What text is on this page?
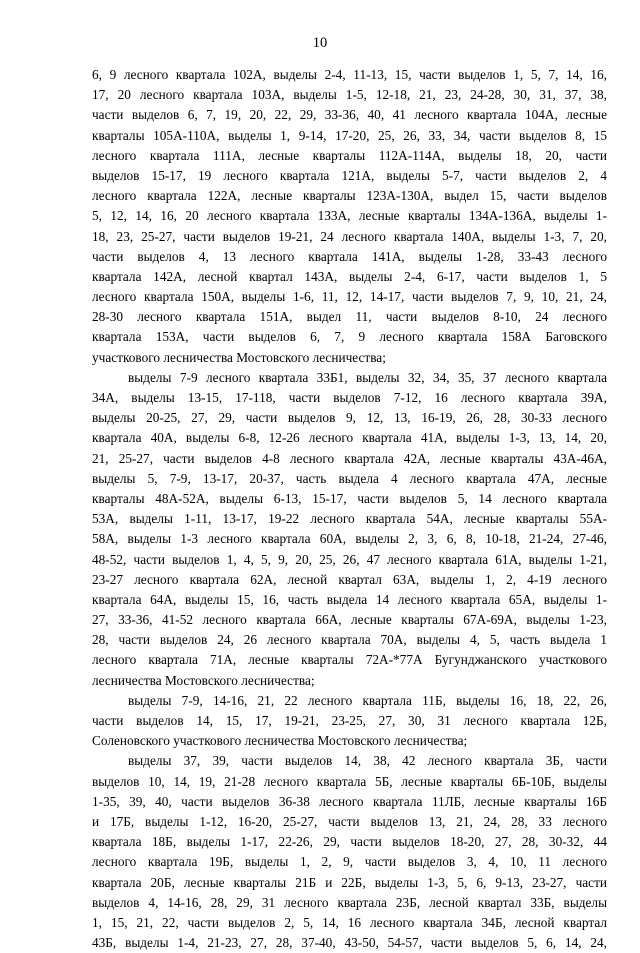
10
6, 9 лесного квартала 102А, выделы 2-4, 11-13, 15, части выделов 1, 5, 7, 14, 16,
17, 20 лесного квартала 103А, выделы 1-5, 12-18, 21, 23, 24-28, 30, 31, 37, 38,
части выделов 6, 7, 19, 20, 22, 29, 33-36, 40, 41 лесного квартала 104А, лесные
кварталы 105А-110А, выделы 1, 9-14, 17-20, 25, 26, 33, 34, части выделов 8, 15
лесного квартала 111А, лесные кварталы 112А-114А, выделы 18, 20, части
выделов 15-17, 19 лесного квартала 121А, выделы 5-7, части выделов 2, 4
лесного квартала 122А, лесные кварталы 123А-130А, выдел 15, части выделов
5, 12, 14, 16, 20 лесного квартала 133А, лесные кварталы 134А-136А, выделы 1-
18, 23, 25-27, части выделов 19-21, 24 лесного квартала 140А, выделы 1-3, 7, 20,
части выделов 4, 13 лесного квартала 141А, выделы 1-28, 33-43 лесного
квартала 142А, лесной квартал 143А, выделы 2-4, 6-17, части выделов 1, 5
лесного квартала 150А, выделы 1-6, 11, 12, 14-17, части выделов 7, 9, 10, 21, 24,
28-30 лесного квартала 151А, выдел 11, части выделов 8-10, 24 лесного
квартала 153А, части выделов 6, 7, 9 лесного квартала 158А Баговского
участкового лесничества Мостовского лесничества;
выделы 7-9 лесного квартала 33Б1, выделы 32, 34, 35, 37 лесного квартала
34А, выделы 13-15, 17-118, части выделов 7-12, 16 лесного квартала 39А,
выделы 20-25, 27, 29, части выделов 9, 12, 13, 16-19, 26, 28, 30-33 лесного
квартала 40А, выделы 6-8, 12-26 лесного квартала 41А, выделы 1-3, 13, 14, 20,
21, 25-27, части выделов 4-8 лесного квартала 42А, лесные кварталы 43А-46А,
выделы 5, 7-9, 13-17, 20-37, часть выдела 4 лесного квартала 47А, лесные
кварталы 48А-52А, выделы 6-13, 15-17, части выделов 5, 14 лесного квартала
53А, выделы 1-11, 13-17, 19-22 лесного квартала 54А, лесные кварталы 55А-
58А, выделы 1-3 лесного квартала 60А, выделы 2, 3, 6, 8, 10-18, 21-24, 27-46,
48-52, части выделов 1, 4, 5, 9, 20, 25, 26, 47 лесного квартала 61А, выделы 1-21,
23-27 лесного квартала 62А, лесной квартал 63А, выделы 1, 2, 4-19 лесного
квартала 64А, выделы 15, 16, часть выдела 14 лесного квартала 65А, выделы 1-
27, 33-36, 41-52 лесного квартала 66А, лесные кварталы 67А-69А, выделы 1-23,
28, части выделов 24, 26 лесного квартала 70А, выделы 4, 5, часть выдела 1
лесного квартала 71А, лесные кварталы 72А-*77А Бугунджанского участкового
лесничества Мостовского лесничества;
выделы 7-9, 14-16, 21, 22 лесного квартала 11Б, выделы 16, 18, 22, 26,
части выделов 14, 15, 17, 19-21, 23-25, 27, 30, 31 лесного квартала 12Б,
Соленовского участкового лесничества Мостовского лесничества;
выделы 37, 39, части выделов 14, 38, 42 лесного квартала 3Б, части
выделов 10, 14, 19, 21-28 лесного квартала 5Б, лесные кварталы 6Б-10Б, выделы
1-35, 39, 40, части выделов 36-38 лесного квартала 11ЛБ, лесные кварталы 16Б
и 17Б, выделы 1-12, 16-20, 25-27, части выделов 13, 21, 24, 28, 33 лесного
квартала 18Б, выделы 1-17, 22-26, 29, части выделов 18-20, 27, 28, 30-32, 44
лесного квартала 19Б, выделы 1, 2, 9, части выделов 3, 4, 10, 11 лесного
квартала 20Б, лесные кварталы 21Б и 22Б, выделы 1-3, 5, 6, 9-13, 23-27, части
выделов 4, 14-16, 28, 29, 31 лесного квартала 23Б, лесной квартал 33Б, выделы
1, 15, 21, 22, части выделов 2, 5, 14, 16 лесного квартала 34Б, лесной квартал
43Б, выделы 1-4, 21-23, 27, 28, 37-40, 43-50, 54-57, части выделов 5, 6, 14, 24,
